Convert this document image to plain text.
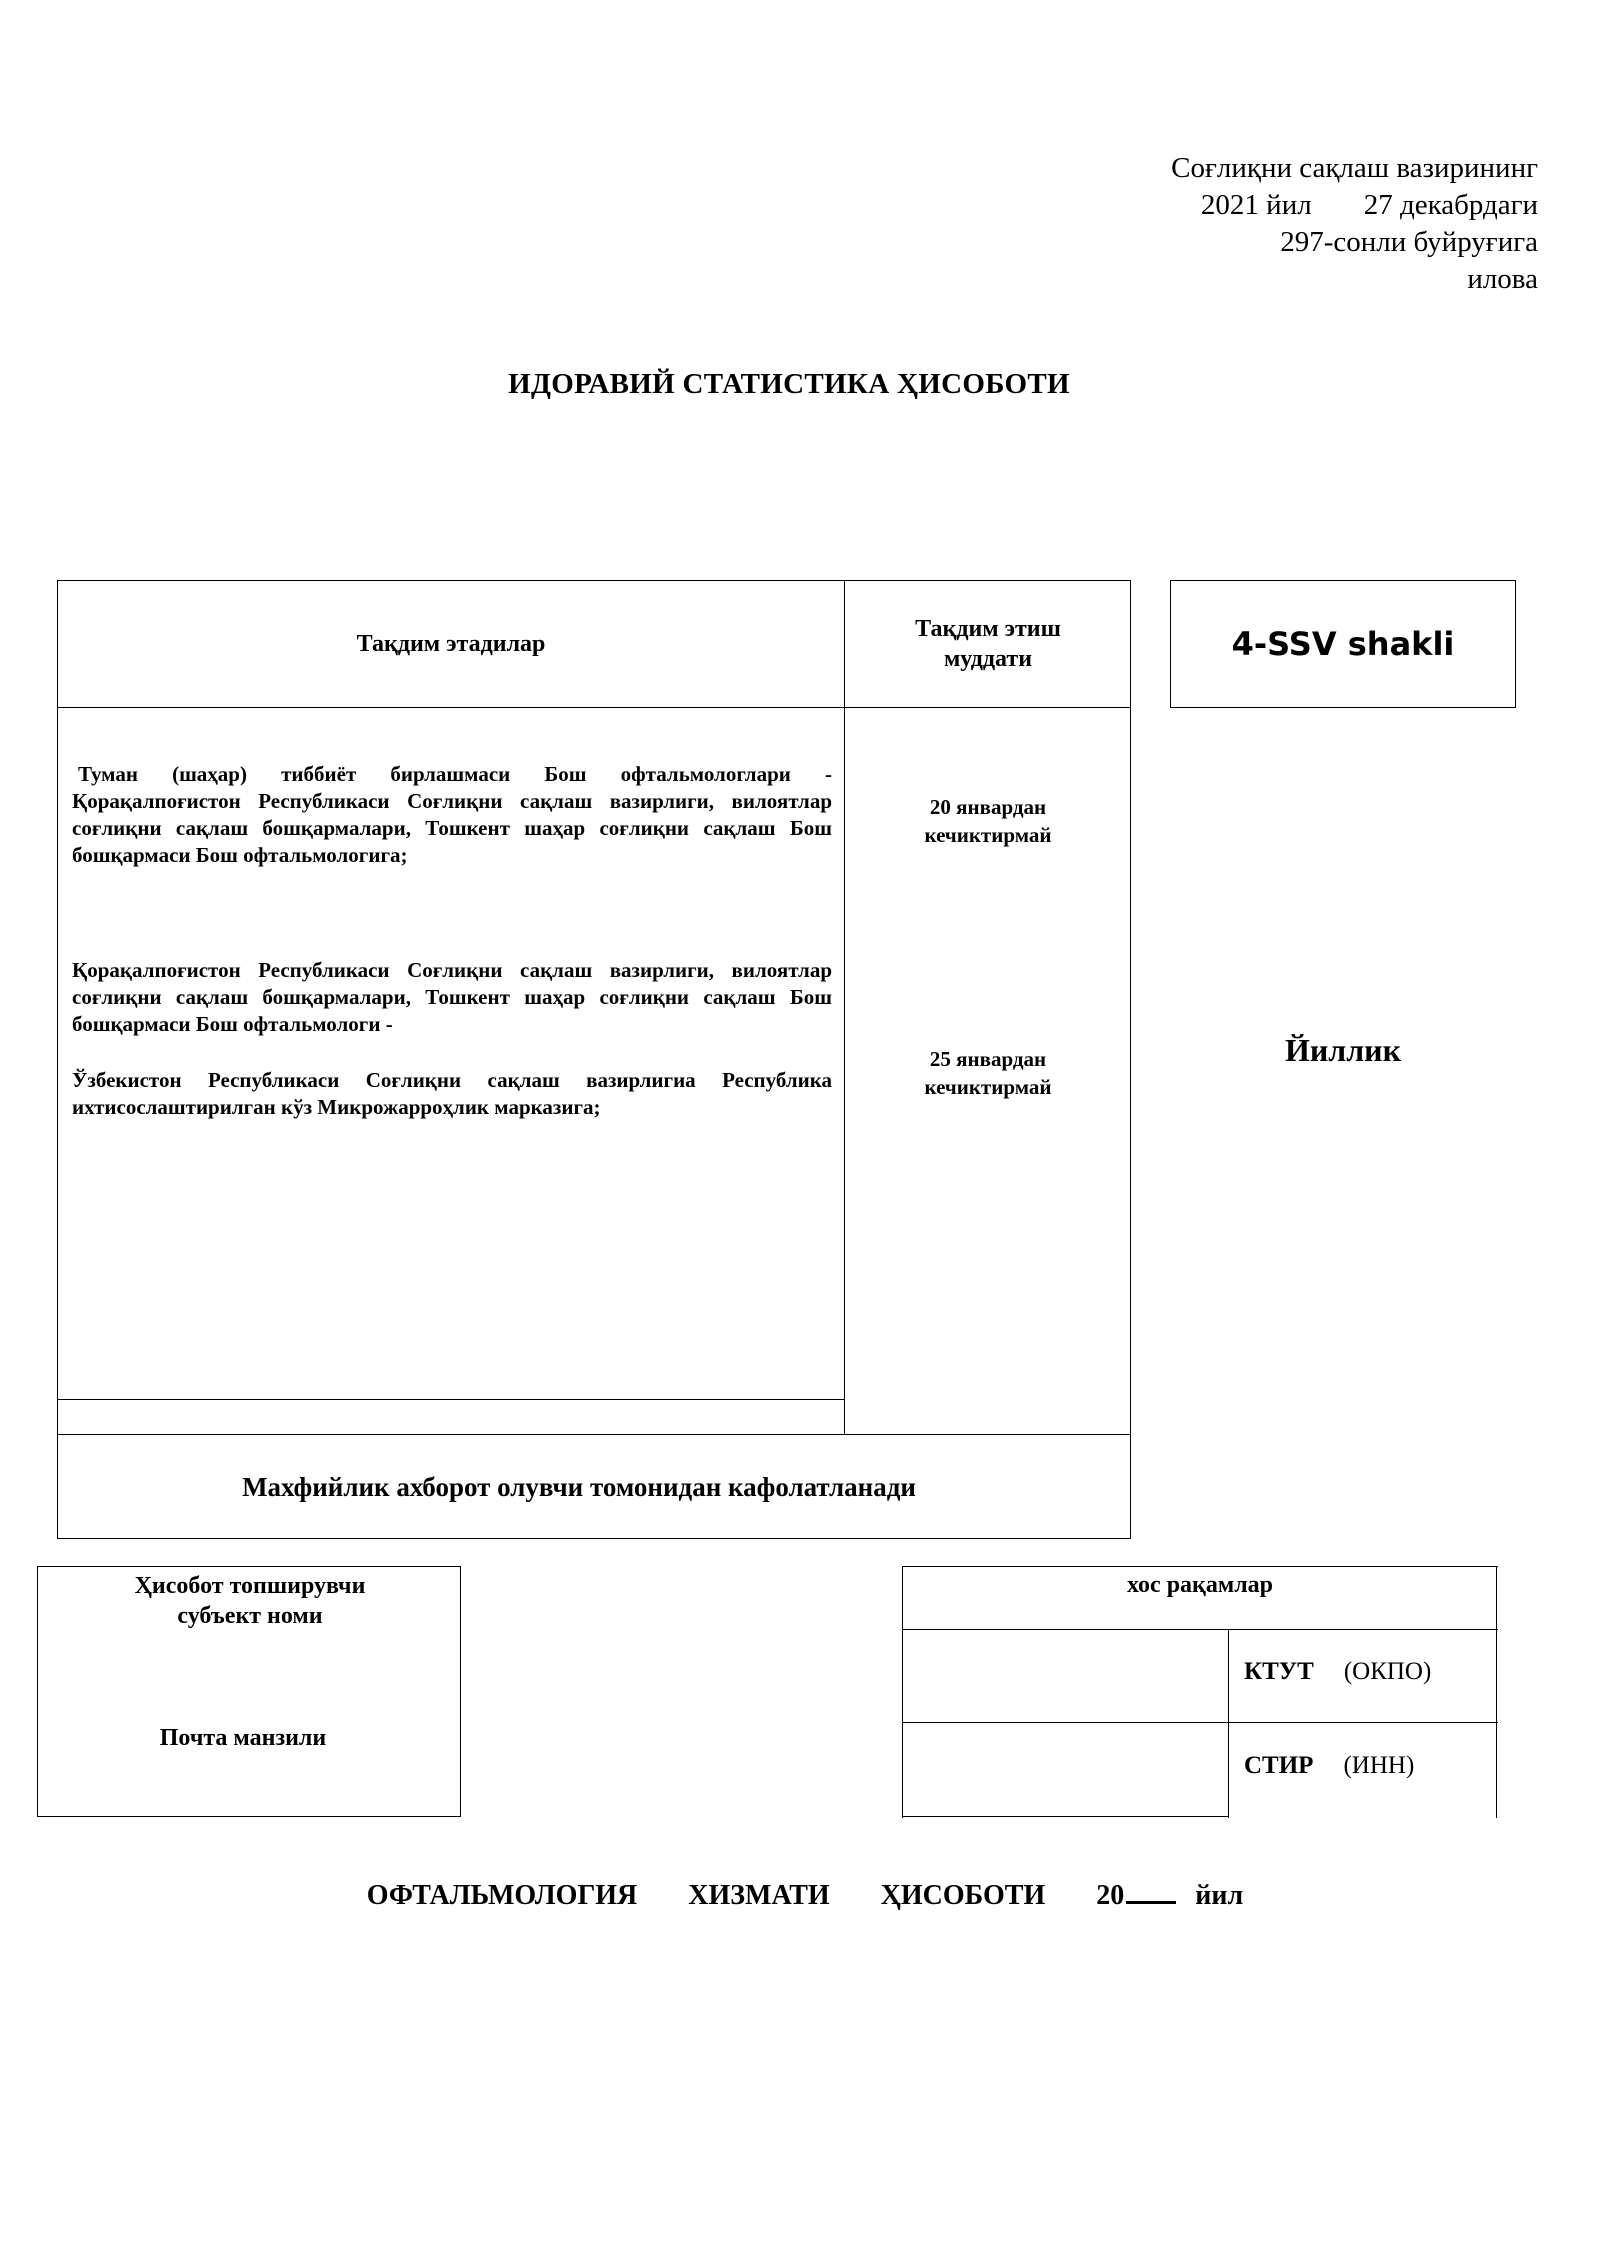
Соғлиқни сақлаш вазирининг
2021 йил 27 декабрдаги
297-сонли буйруғига
илова
ИДОРАВИЙ СТАТИСТИКА ҲИСОБОТИ
Тақдим этадилар
Тақдим этиш муддати
Туман (шаҳар) тиббиёт бирлашмаси Бош офтальмологлари - Қорақалпоғистон Республикаси Соғлиқни сақлаш вазирлиги, вилоятлар соғлиқни сақлаш бошқармалари, Тошкент шаҳар соғлиқни сақлаш Бош бошқармаси Бош офтальмологига;
20 январдан кечиктирмай
Қорақалпоғистон Республикаси Соғлиқни сақлаш вазирлиги, вилоятлар соғлиқни сақлаш бошқармалари, Тошкент шаҳар соғлиқни сақлаш Бош бошқармаси Бош офтальмологи -
Ўзбекистон Республикаси Соғлиқни сақлаш вазирлигиа Республика ихтисослаштирилган кўз Микрожарроҳлик марказига;
25 январдан кечиктирмай
Махфийлик ахборот олувчи томонидан кафолатланади
4-SSV shakli
Йиллик
Ҳисобот топширувчи субъект номи
Почта манзили
хос рақамлар
КТУТ (ОКПО)
СТИР (ИНН)
ОФТАЛЬМОЛОГИЯ   ХИЗМАТИ   ҲИСОБОТИ   20	йил
